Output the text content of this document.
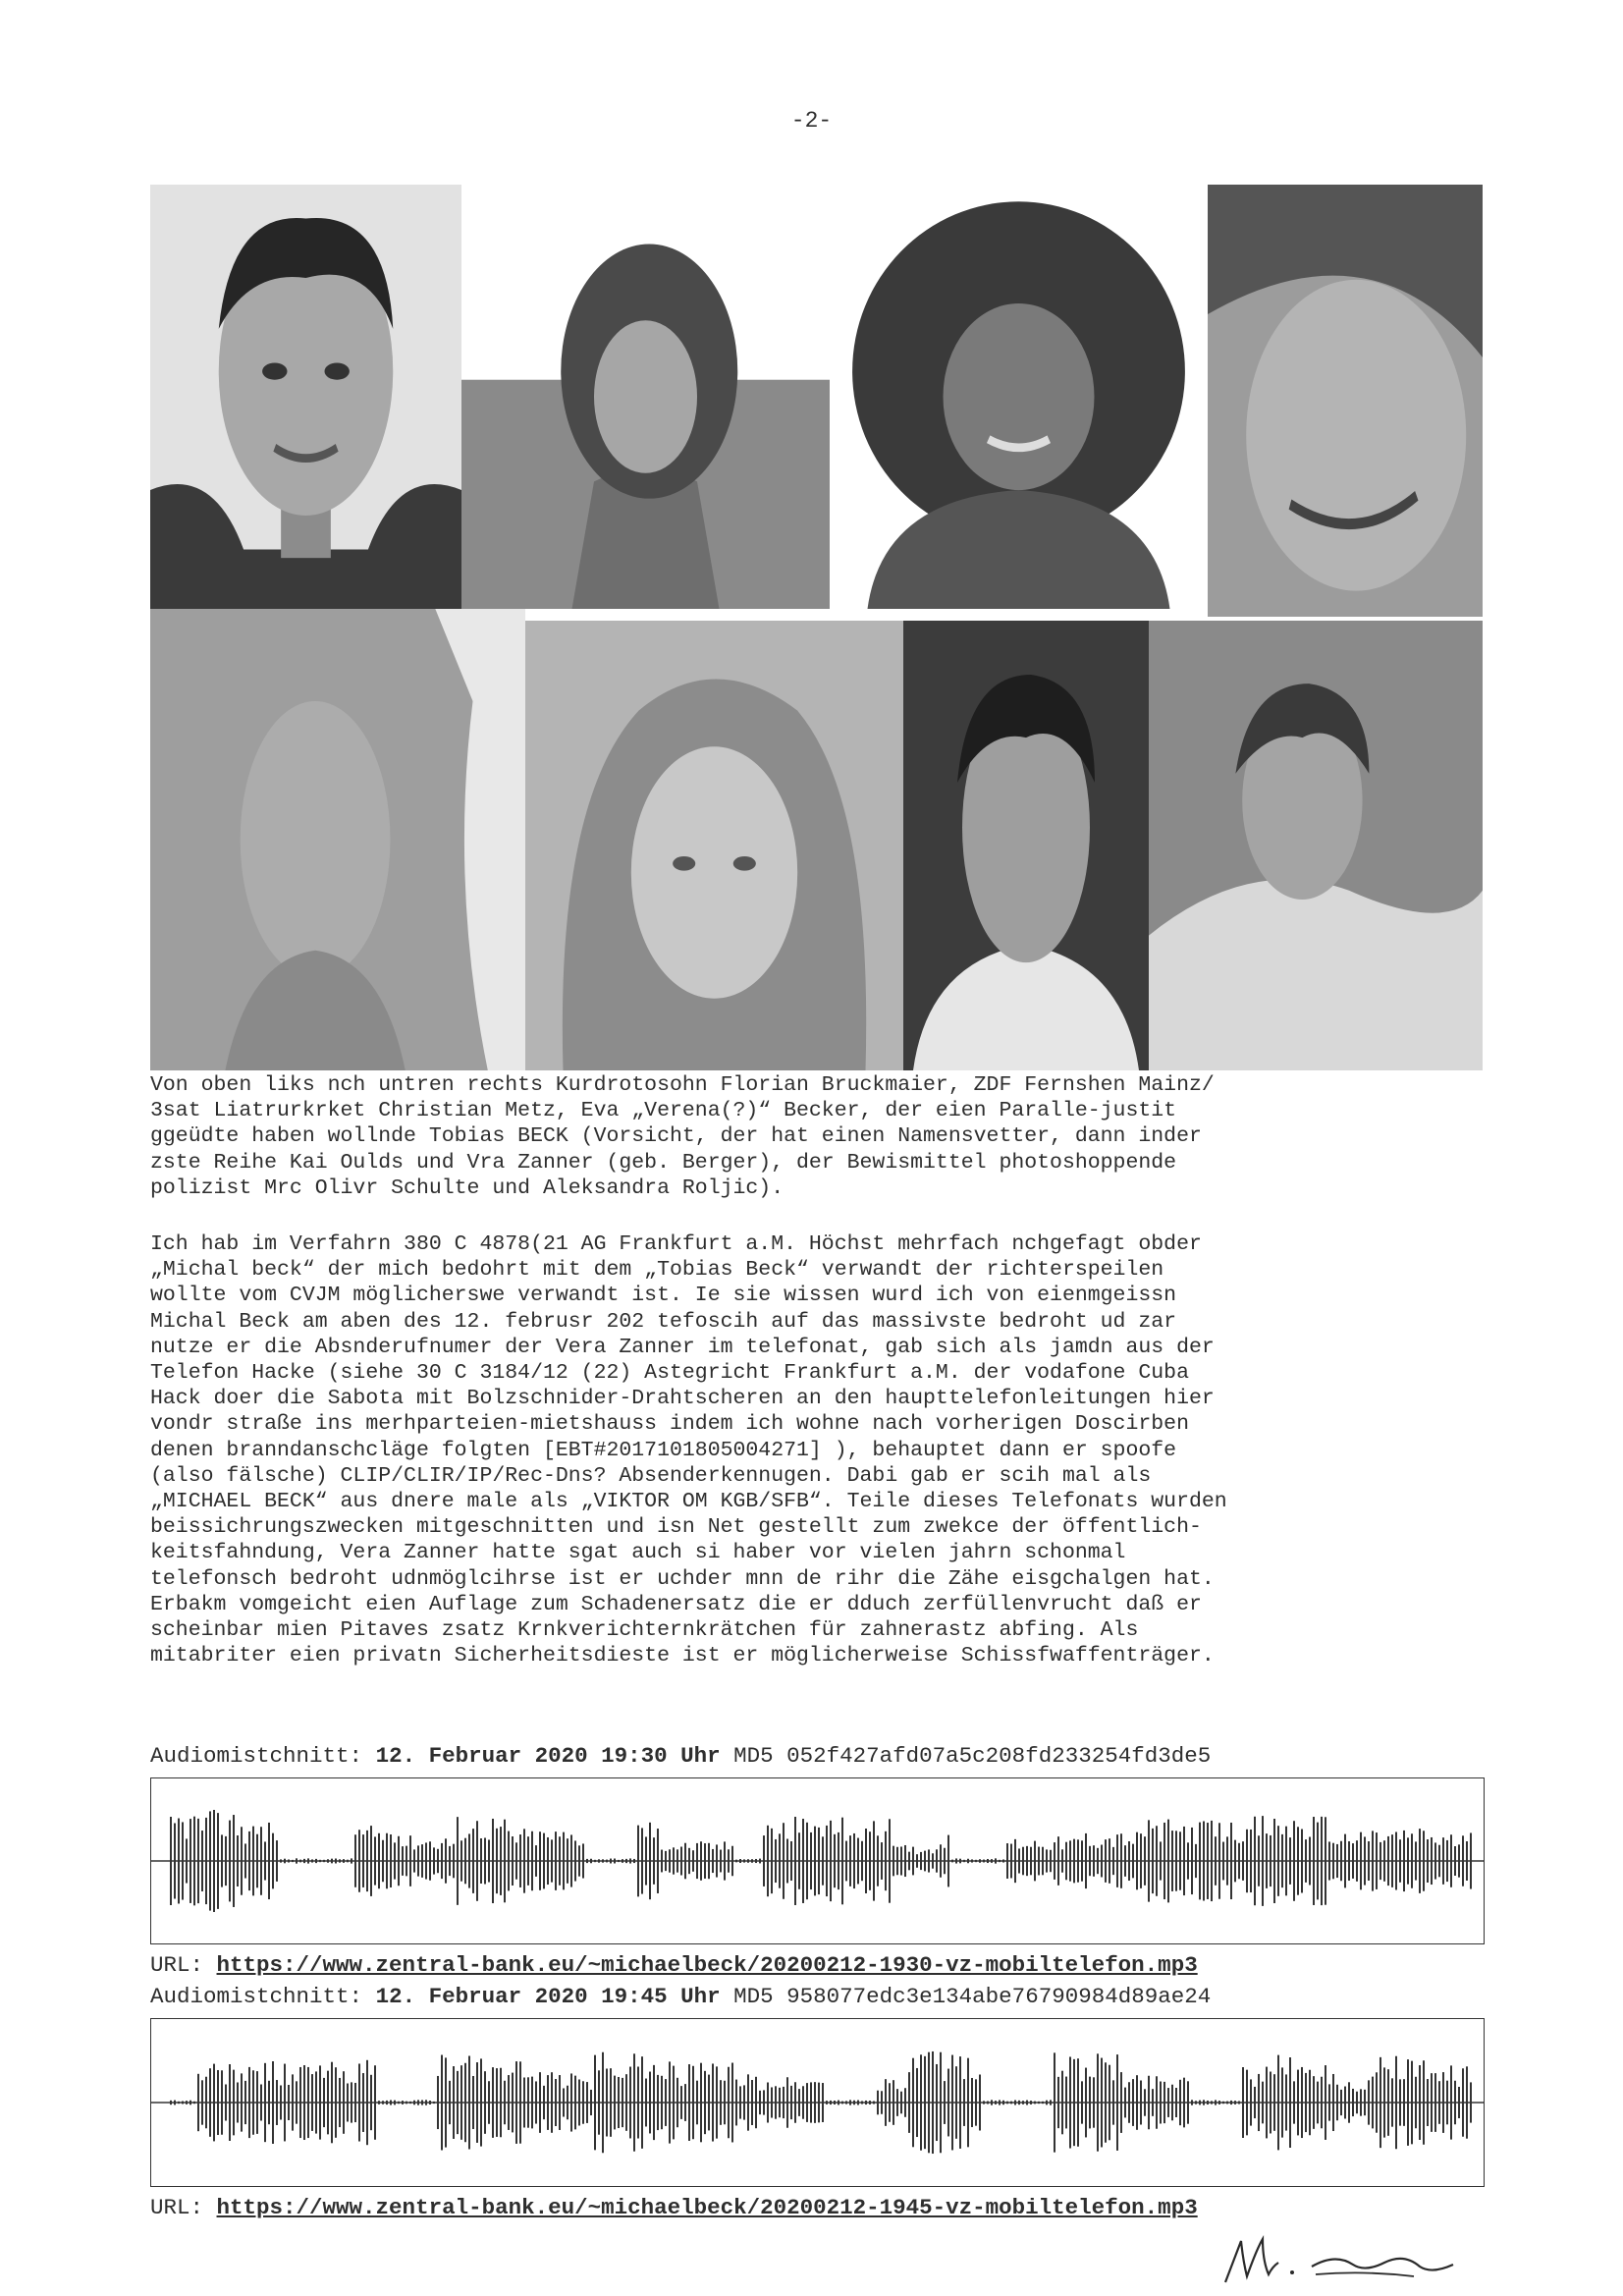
-2-
Von oben liks nch untren rechts Kurdrotosohn Florian Bruckmaier, ZDF Fernshen Mainz/
3sat Liatrurkrket Christian Metz, Eva „Verena(?)“ Becker, der eien Paralle-justit
ggeüdte haben wollnde Tobias BECK (Vorsicht, der hat einen Namensvetter, dann inder
zste Reihe Kai Oulds und Vra Zanner (geb. Berger), der Bewismittel photoshoppende
polizist Mrc Olivr Schulte und Aleksandra Roljic).
Ich hab im Verfahrn 380 C 4878(21 AG Frankfurt a.M. Höchst mehrfach nchgefagt obder
„Michal beck“ der mich bedohrt mit dem „Tobias Beck“ verwandt der richterspeilen
wollte vom CVJM möglicherswe verwandt ist. Ie sie wissen wurd ich von eienmgeissn
Michal Beck am aben des 12. februsr 202 tefoscih auf das massivste bedroht ud zar
nutze er die Absnderufnumer der Vera Zanner im telefonat, gab sich als jamdn aus der
Telefon Hacke (siehe 30 C 3184/12 (22) Astegricht Frankfurt a.M. der vodafone Cuba
Hack doer die Sabota mit Bolzschnider-Drahtscheren an den haupttelefonleitungen hier
vondr straße ins merhparteien-mietshauss indem ich wohne nach vorherigen Doscirben
denen branndanschcläge folgten [EBT#2017101805004271] ), behauptet dann er spoofe
(also fälsche) CLIP/CLIR/IP/Rec-Dns? Absenderkennugen. Dabi gab er scih mal als
„MICHAEL BECK“ aus dnere male als „VIKTOR OM KGB/SFB“. Teile dieses Telefonats wurden
beissichrungszwecken mitgeschnitten und isn Net gestellt zum zwekce der öffentlich-
keitsfahndung, Vera Zanner hatte sgat auch si haber vor vielen jahrn schonmal
telefonsch bedroht udnmöglcihrse ist er uchder mnn de rihr die Zähe eisgchalgen hat.
Erbakm vomgeicht eien Auflage zum Schadenersatz die er dduch zerfüllenvrucht daß er
scheinbar mien Pitaves zsatz Krnkverichternkrätchen für zahnerastz abfing. Als
mitabriter eien privatn Sicherheitsdieste ist er möglicherweise Schissfwaffenträger.
Audiomistchnitt: 12. Februar 2020 19:30 Uhr MD5 052f427afd07a5c208fd233254fd3de5
URL: https://www.zentral-bank.eu/~michaelbeck/20200212-1930-vz-mobiltelefon.mp3
Audiomistchnitt: 12. Februar 2020 19:45 Uhr MD5 958077edc3e134abe76790984d89ae24
URL: https://www.zentral-bank.eu/~michaelbeck/20200212-1945-vz-mobiltelefon.mp3
